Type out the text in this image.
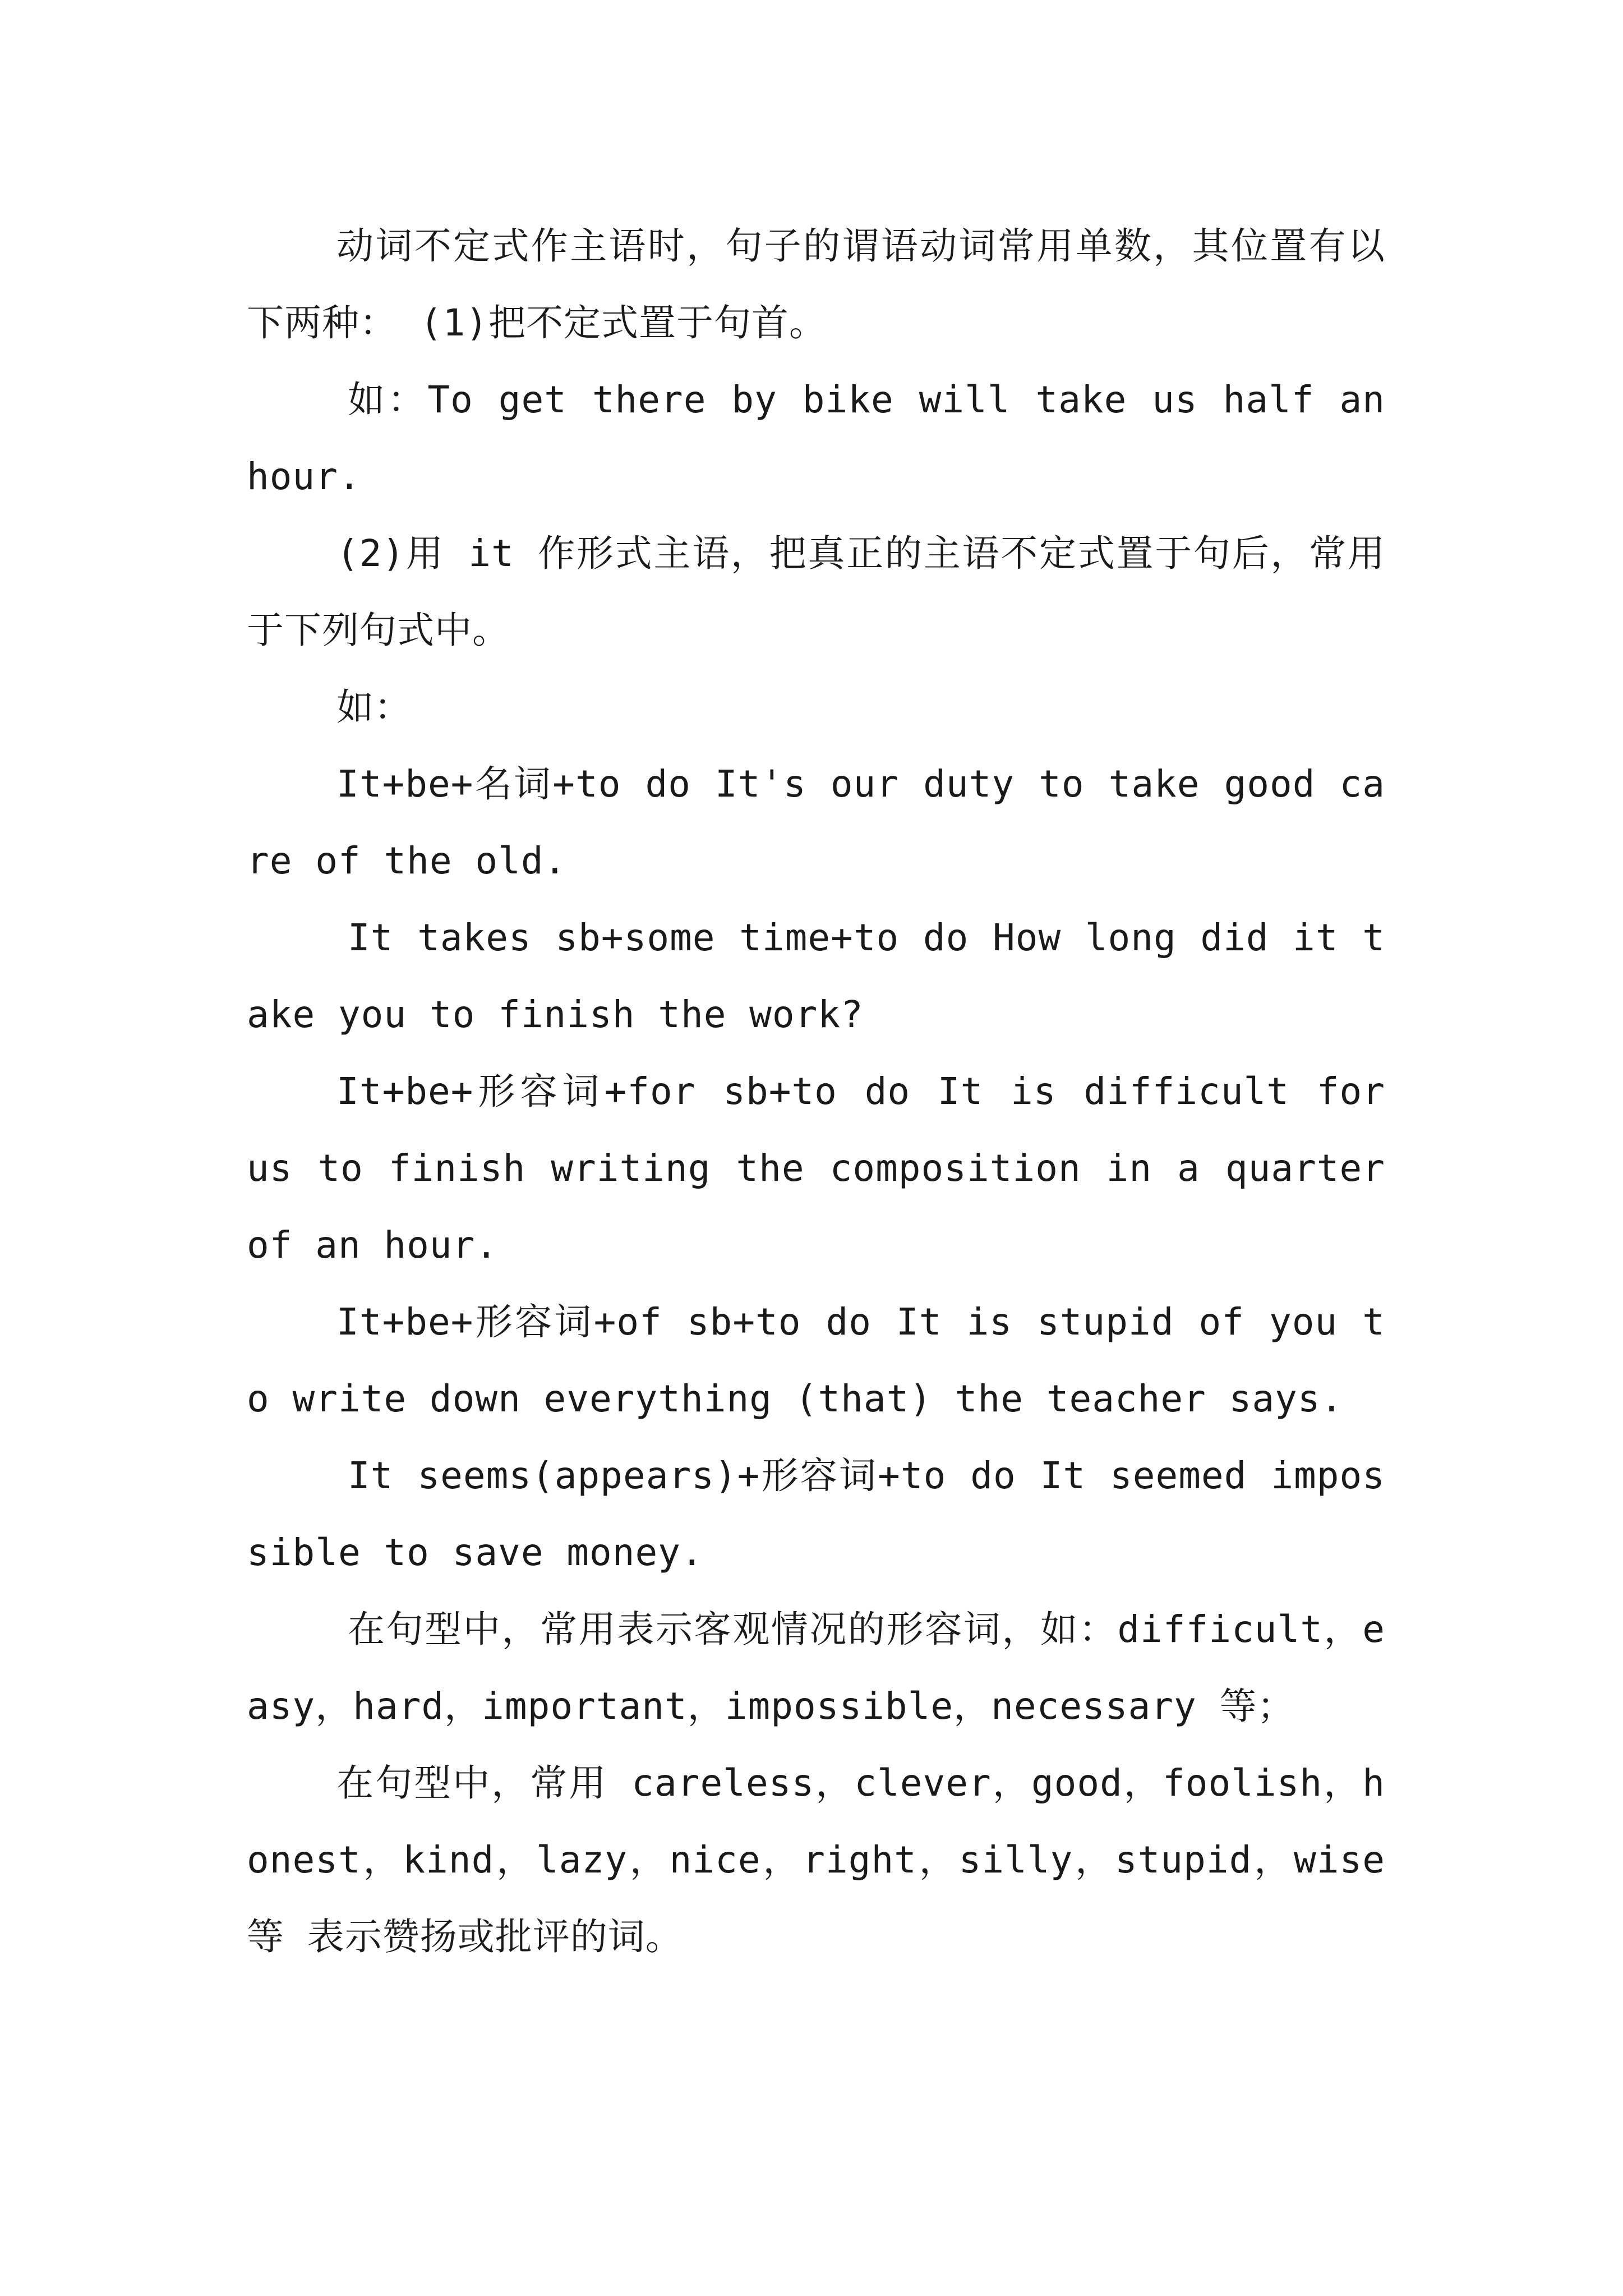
动词不定式作主语时，句子的谓语动词常用单数，其位置有以下两种： (1)把不定式置于句首。

如：To get there by bike will take us half an hour.

(2)用 it 作形式主语，把真正的主语不定式置于句后，常用于下列句式中。

如：

It+be+名词+to do It's our duty to take good care of the old.

It takes sb+some time+to do How long did it take you to finish the work?

It+be+形容词+for sb+to do It is difficult for us to finish writing the composition in a quarter of an hour.

It+be+形容词+of sb+to do It is stupid of you to write down everything (that) the teacher says.

It seems(appears)+形容词+to do It seemed impossible to save money.

在句型中，常用表示客观情况的形容词，如：difficult，easy，hard，important，impossible，necessary 等；

在句型中，常用 careless，clever，good，foolish，honest，kind，lazy，nice，right，silly，stupid，wise 等 表示赞扬或批评的词。
